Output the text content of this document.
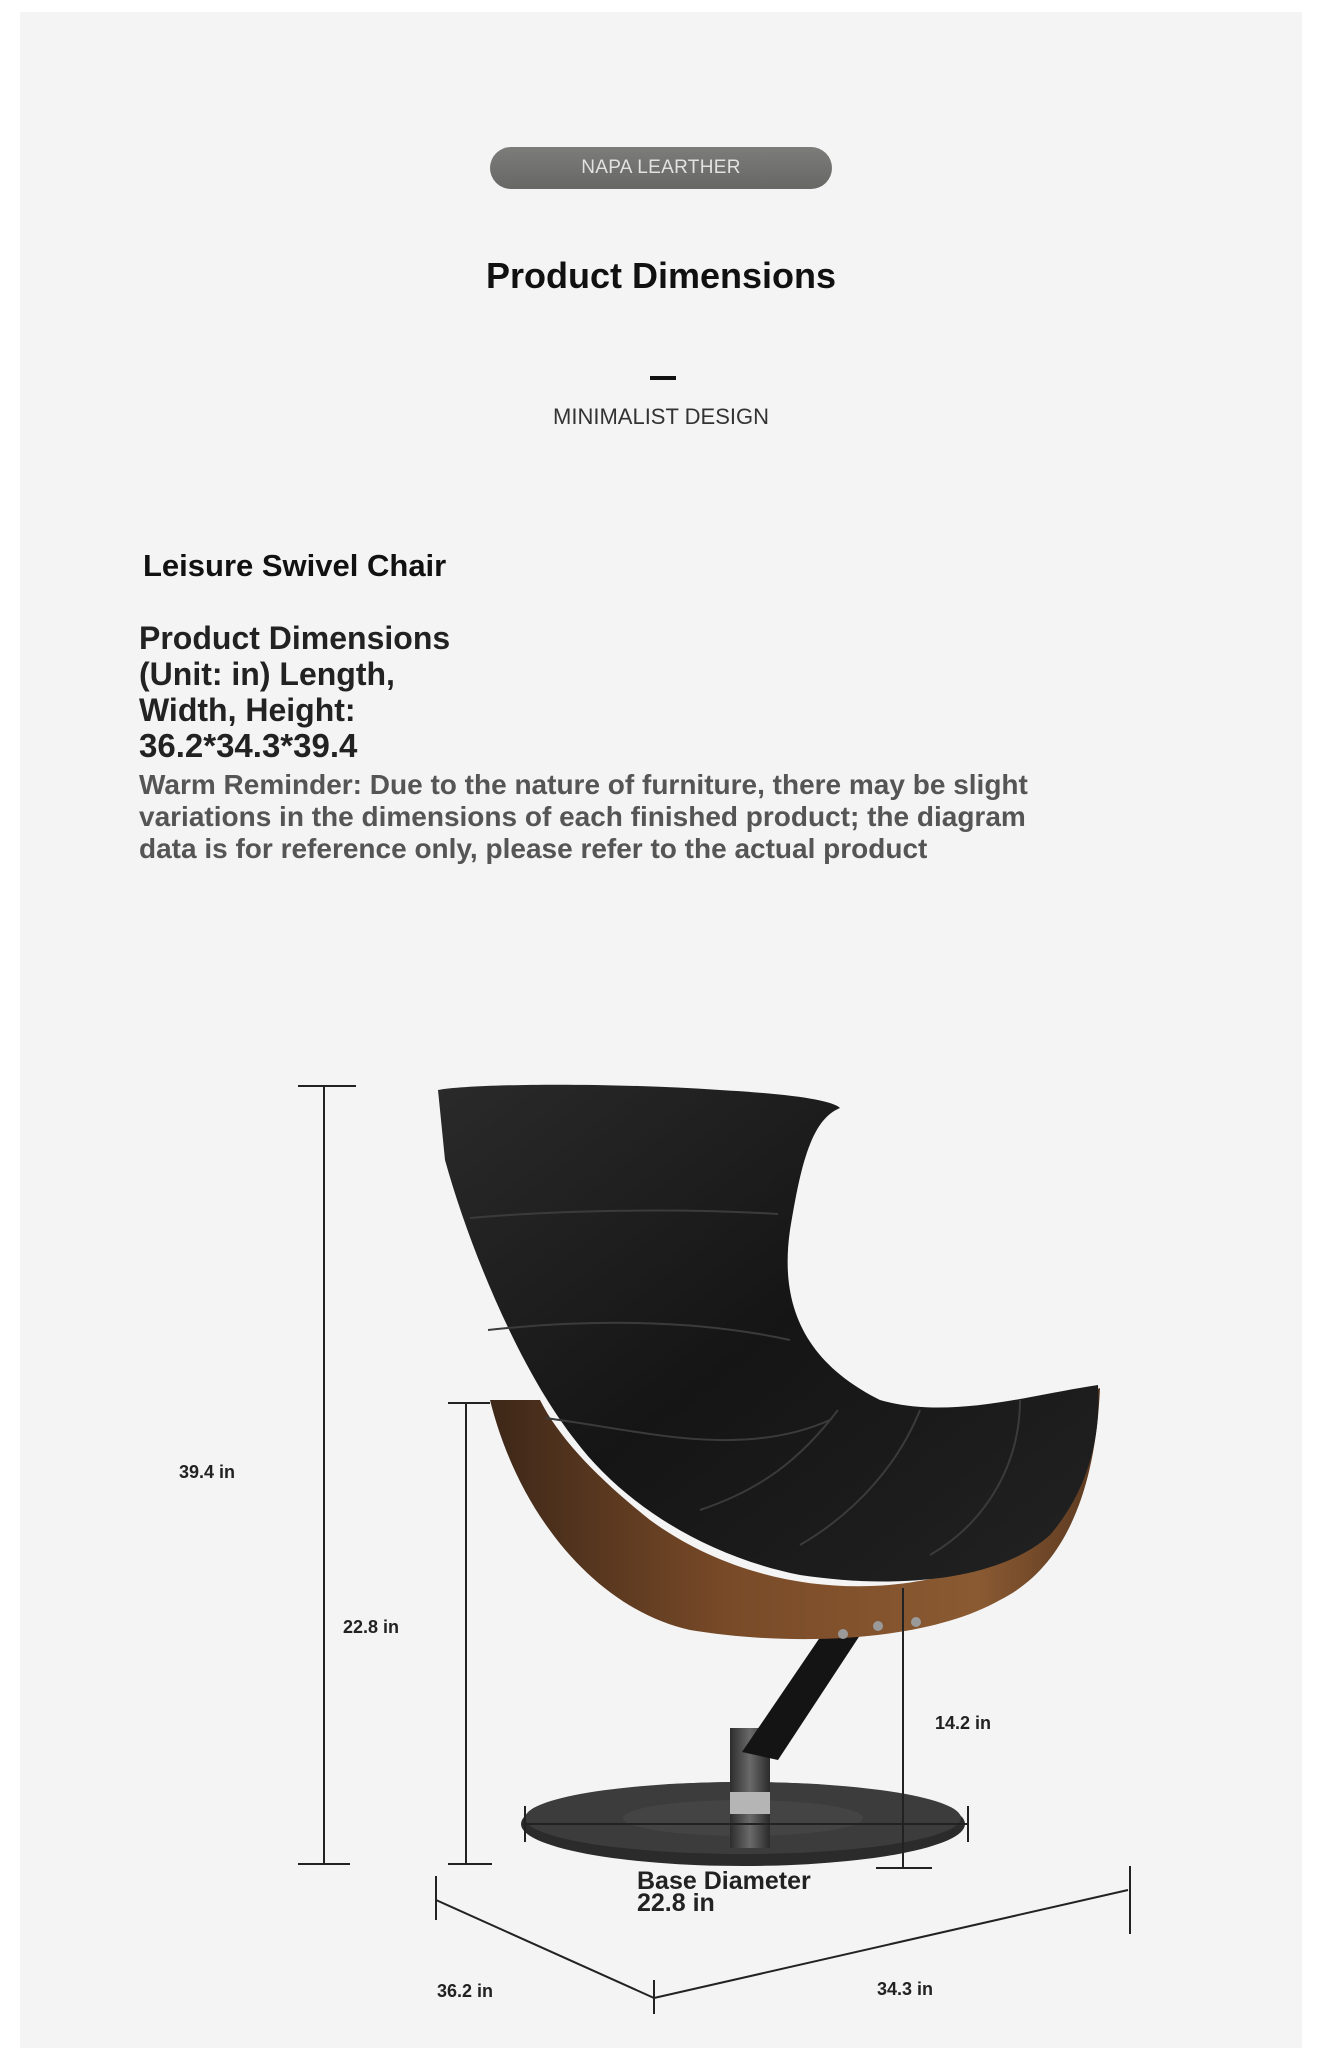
NAPA LEARTHER
Product Dimensions
MINIMALIST DESIGN
Leisure Swivel Chair
Product Dimensions
(Unit: in) Length,
Width, Height:
36.2*34.3*39.4
Warm Reminder: Due to the nature of furniture, there may be slight variations in the dimensions of each finished product; the diagram data is for reference only, please refer to the actual product
39.4 in
22.8 in
14.2 in
Base Diameter
22.8 in
36.2 in	34.3 in
